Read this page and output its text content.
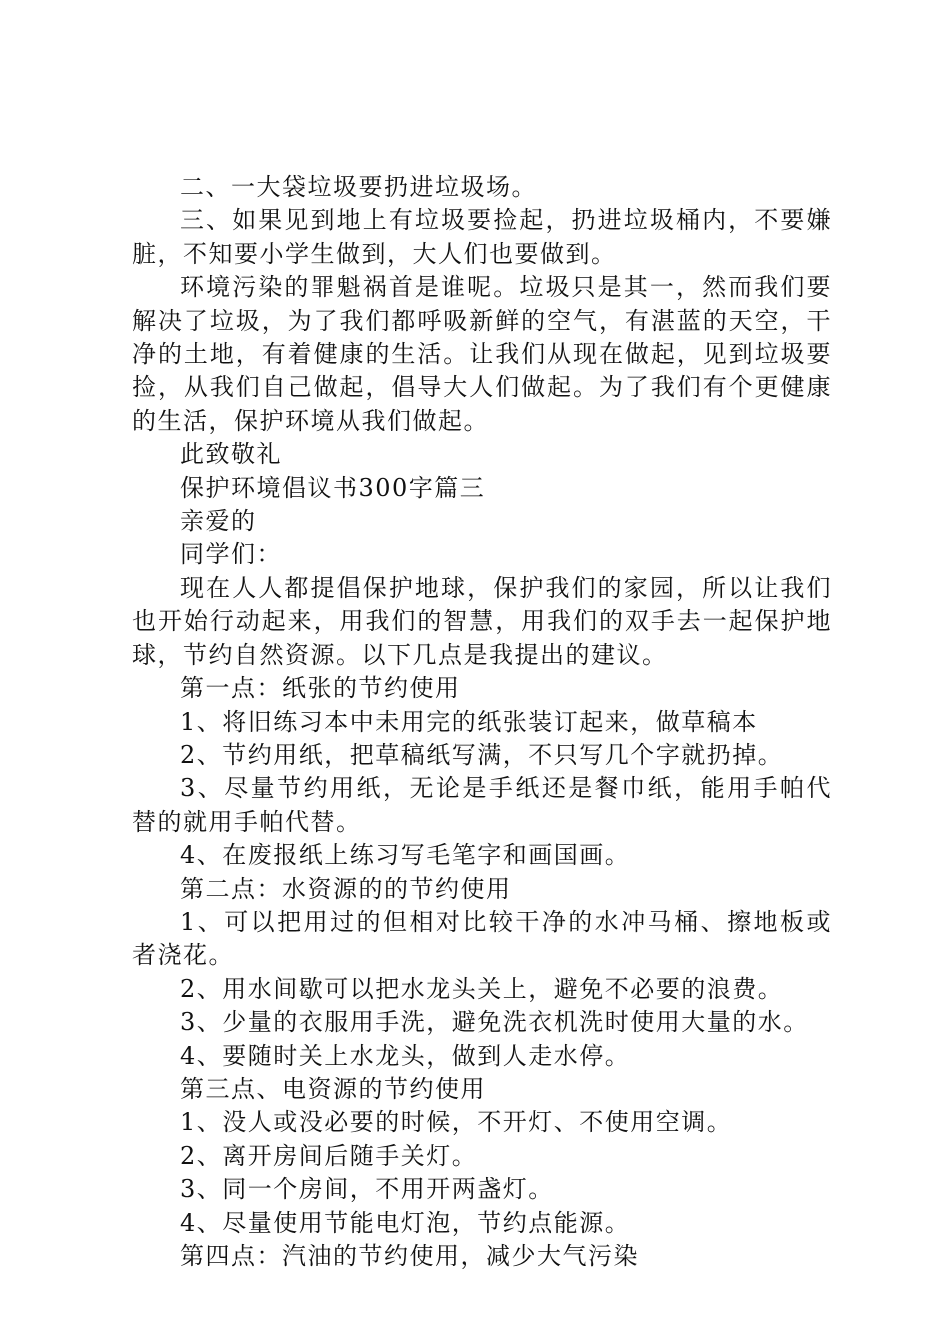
二、一大袋垃圾要扔进垃圾场。

三、如果见到地上有垃圾要捡起，扔进垃圾桶内，不要嫌脏，不知要小学生做到，大人们也要做到。

环境污染的罪魁祸首是谁呢。垃圾只是其一，然而我们要解决了垃圾，为了我们都呼吸新鲜的空气，有湛蓝的天空，干净的土地，有着健康的生活。让我们从现在做起，见到垃圾要捡，从我们自己做起，倡导大人们做起。为了我们有个更健康的生活，保护环境从我们做起。

此致敬礼

保护环境倡议书300字篇三

亲爱的

同学们：

现在人人都提倡保护地球，保护我们的家园，所以让我们也开始行动起来，用我们的智慧，用我们的双手去一起保护地球，节约自然资源。以下几点是我提出的建议。

第一点：纸张的节约使用

1、将旧练习本中未用完的纸张装订起来，做草稿本

2、节约用纸，把草稿纸写满，不只写几个字就扔掉。

3、尽量节约用纸，无论是手纸还是餐巾纸，能用手帕代替的就用手帕代替。

4、在废报纸上练习写毛笔字和画国画。

第二点：水资源的的节约使用

1、可以把用过的但相对比较干净的水冲马桶、擦地板或者浇花。

2、用水间歇可以把水龙头关上，避免不必要的浪费。

3、少量的衣服用手洗，避免洗衣机洗时使用大量的水。

4、要随时关上水龙头，做到人走水停。

第三点、电资源的节约使用

1、没人或没必要的时候，不开灯、不使用空调。

2、离开房间后随手关灯。

3、同一个房间，不用开两盏灯。

4、尽量使用节能电灯泡，节约点能源。

第四点：汽油的节约使用，减少大气污染
